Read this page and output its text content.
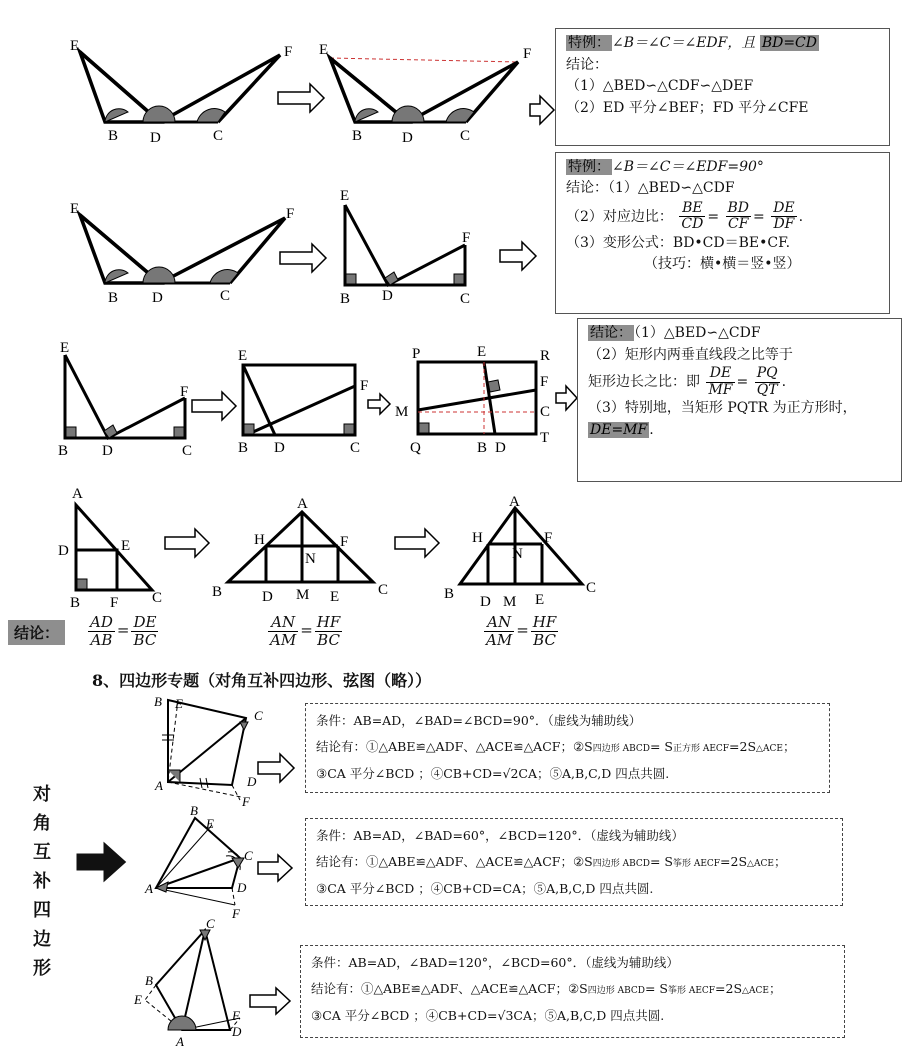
E	F
B D	C
E	F
B	D	C
E	F
B D	C
E
F
B D	C
E
F
B D	C
E
F
B D	C
P	E	R
F
C
T
M
Q	B D
A
D	E
B F C
A
H	F
N
B	D M E	C
A
H	F
N
B D M E
C
B E
C
A	D
F
B
E
C
A	D
F
C
B
E
F
D
A
特例： ∠B＝∠C＝∠EDF，且 BD=CD
结论：
（1）△BED∽△CDF∽△DEF
（2）ED 平分∠BEF；FD 平分∠CFE
特例： ∠B＝∠C＝∠EDF=90°
结论：（1）△BED∽△CDF
（2）对应边比： $\frac{BE}{CD} = \frac{BD}{CF} = \frac{DE}{DF}$ .
（3）变形公式：BD•CD＝BE•CF.
（技巧：横•横＝竖•竖）
结论： （1）△BED∽△CDF
（2）矩形内两垂直线段之比等于
矩形边长之比：即 $\frac{DE}{MF} = \frac{PQ}{QT}$ .
（3）特别地，当矩形 PQTR 为正方形时，
DE=MF .
结论：	$\frac{AD}{AB} = \frac{DE}{BC}$	$\frac{AN}{AM} = \frac{HF}{BC}$	$\frac{AN}{AM} = \frac{HF}{BC}$
8、四边形专题（对角互补四边形、弦图（略））
对
角
互
补
四
边
形
条件：AB=AD，∠BAD=∠BCD=90°．（虚线为辅助线）
结论有：①△ABE≌△ADF、△ACE≌△ACF；②S四边形 ABCD= S正方形 AECF=2S△ACE；
③CA 平分∠BCD ；④CB+CD=√2CA；⑤A,B,C,D 四点共圆.
条件：AB=AD，∠BAD=60°，∠BCD=120°．（虚线为辅助线）
结论有：①△ABE≌△ADF、△ACE≌△ACF；②S四边形 ABCD= S筝形 AECF=2S△ACE；
③CA 平分∠BCD ；④CB+CD=CA；⑤A,B,C,D 四点共圆.
条件：AB=AD，∠BAD=120°，∠BCD=60°．（虚线为辅助线）
结论有：①△ABE≌△ADF、△ACE≌△ACF；②S四边形 ABCD= S筝形 AECF=2S△ACE；
③CA 平分∠BCD ；④CB+CD=√3CA；⑤A,B,C,D 四点共圆.
